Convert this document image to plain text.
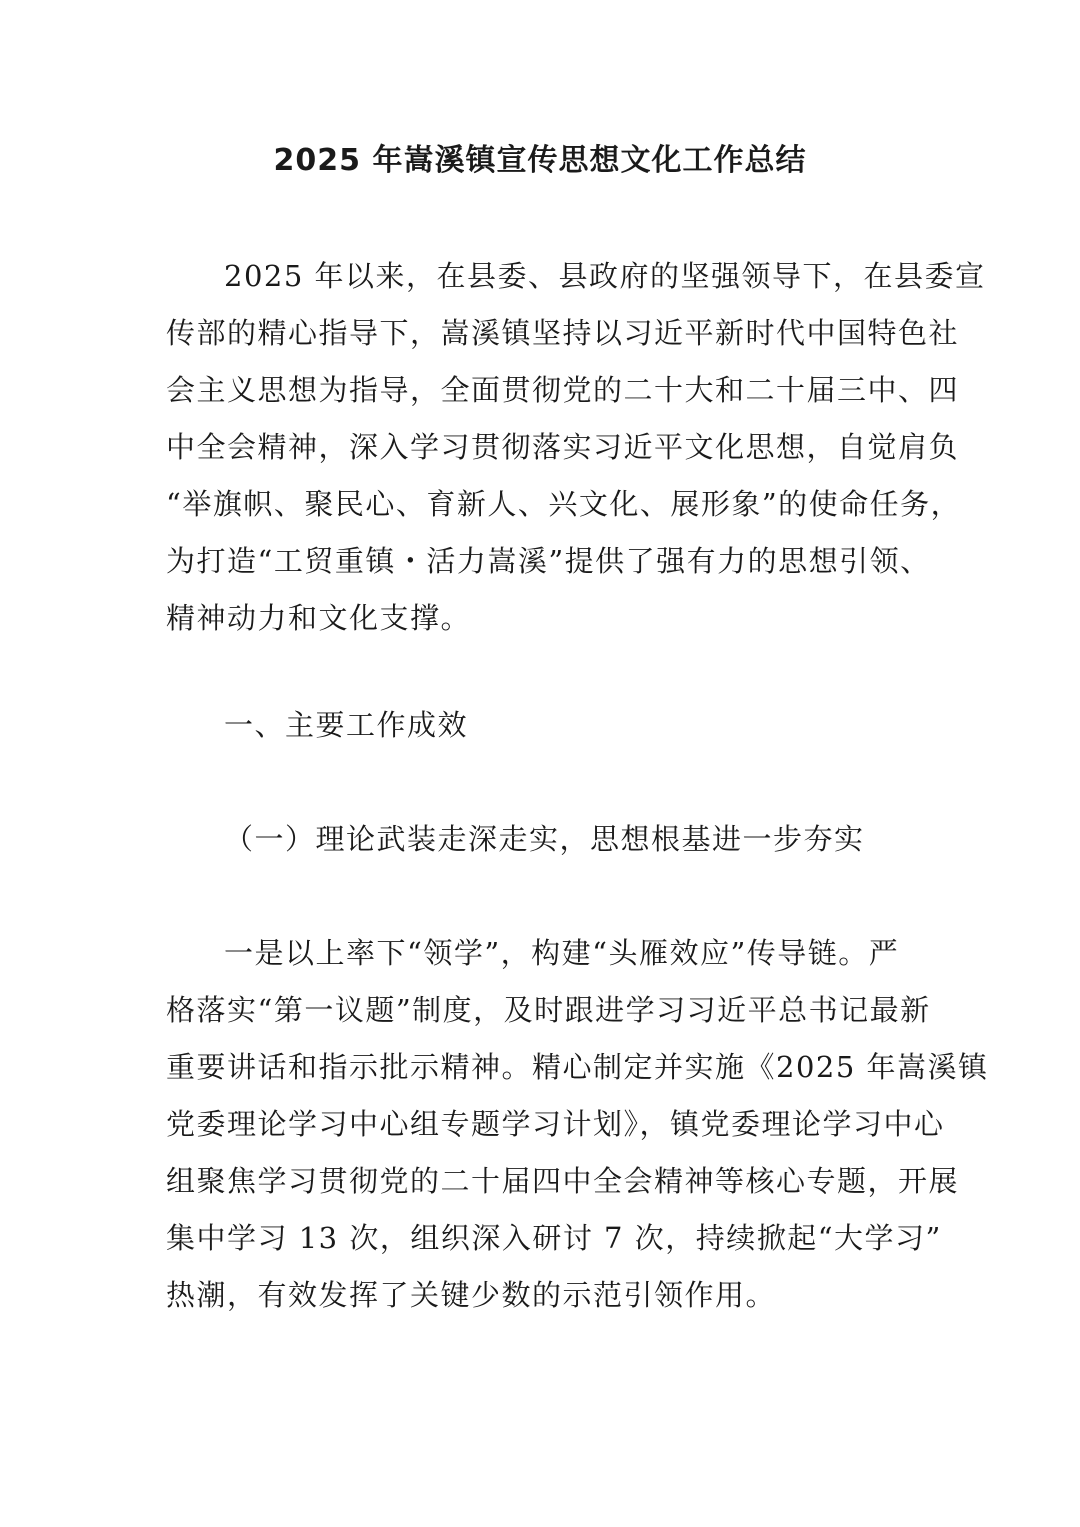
2025 年嵩溪镇宣传思想文化工作总结
2025 年以来，在县委、县政府的坚强领导下，在县委宣
传部的精心指导下，嵩溪镇坚持以习近平新时代中国特色社
会主义思想为指导，全面贯彻党的二十大和二十届三中、四
中全会精神，深入学习贯彻落实习近平文化思想，自觉肩负
“举旗帜、聚民心、育新人、兴文化、展形象”的使命任务，
为打造“工贸重镇・活力嵩溪”提供了强有力的思想引领、
精神动力和文化支撑。
一、主要工作成效
（一）理论武装走深走实，思想根基进一步夯实
一是以上率下“领学”，构建“头雁效应”传导链。严
格落实“第一议题”制度，及时跟进学习习近平总书记最新
重要讲话和指示批示精神。精心制定并实施《2025 年嵩溪镇
党委理论学习中心组专题学习计划》，镇党委理论学习中心
组聚焦学习贯彻党的二十届四中全会精神等核心专题，开展
集中学习 13 次，组织深入研讨 7 次，持续掀起“大学习”
热潮，有效发挥了关键少数的示范引领作用。
